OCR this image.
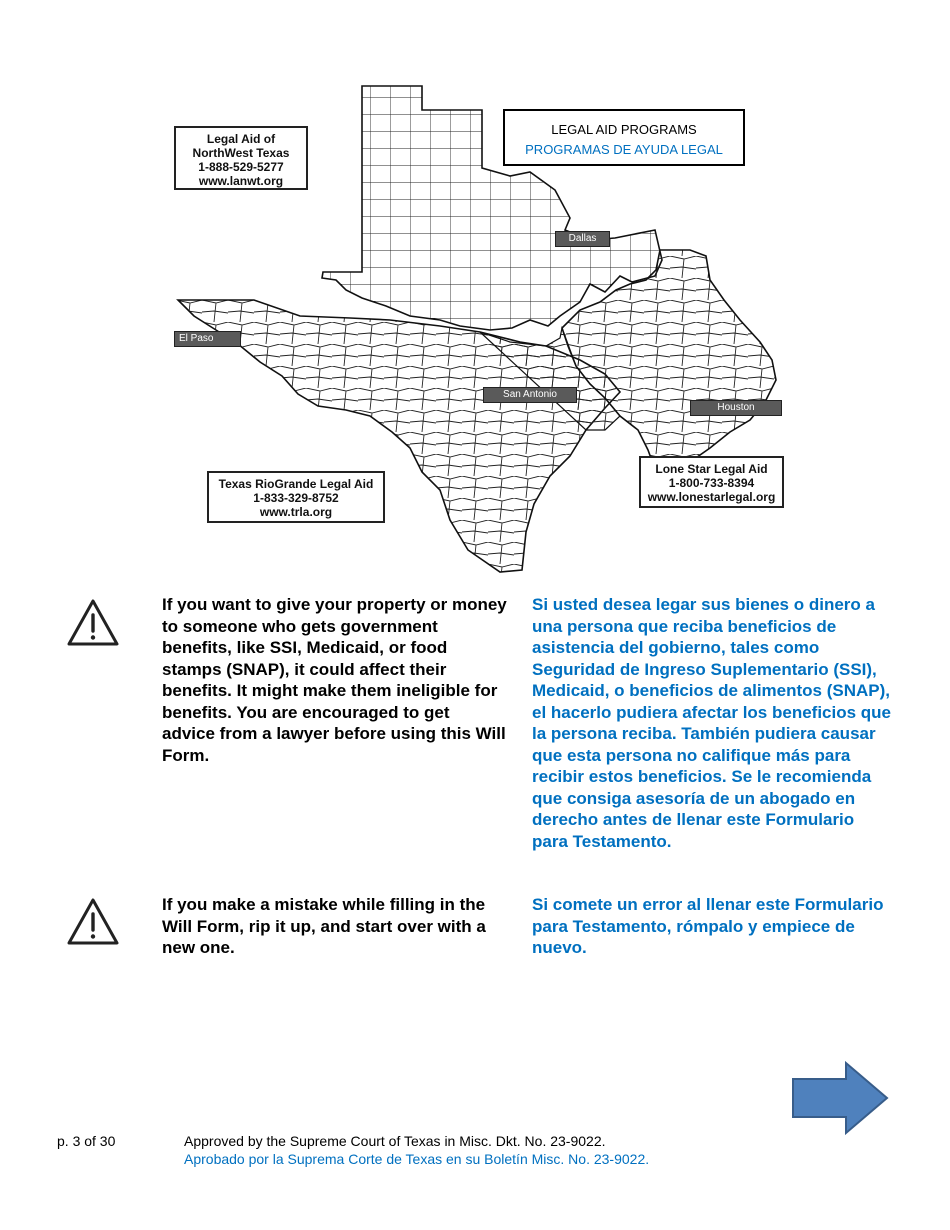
LEGAL AID PROGRAMS
PROGRAMAS DE AYUDA LEGAL
Legal Aid of
NorthWest Texas
1-888-529-5277
www.lanwt.org
Texas RioGrande Legal Aid
1-833-329-8752
www.trla.org
Lone Star Legal Aid
1-800-733-8394
www.lonestarlegal.org
Dallas
El Paso
San Antonio
Houston
If you want to give your property or money to someone who gets government benefits, like SSI, Medicaid, or food stamps (SNAP), it could affect their benefits. It might make them ineligible for benefits. You are encouraged to get advice from a lawyer before using this Will Form.
Si usted desea legar sus bienes o dinero a una persona que reciba beneficios de asistencia del gobierno, tales como Seguridad de Ingreso Suplementario (SSI), Medicaid, o beneficios de alimentos (SNAP), el hacerlo pudiera afectar los beneficios que la persona reciba. También pudiera causar que esta persona no califique más para recibir estos beneficios. Se le recomienda que consiga asesoría de un abogado en derecho antes de llenar este Formulario para Testamento.
If you make a mistake while filling in the Will Form, rip it up, and start over with a new one.
Si comete un error al llenar este Formulario para Testamento, rómpalo y empiece de nuevo.
p. 3 of 30	Approved by the Supreme Court of Texas in Misc. Dkt. No. 23-9022.
Aprobado por la Suprema Corte de Texas en su Boletín Misc. No. 23-9022.
